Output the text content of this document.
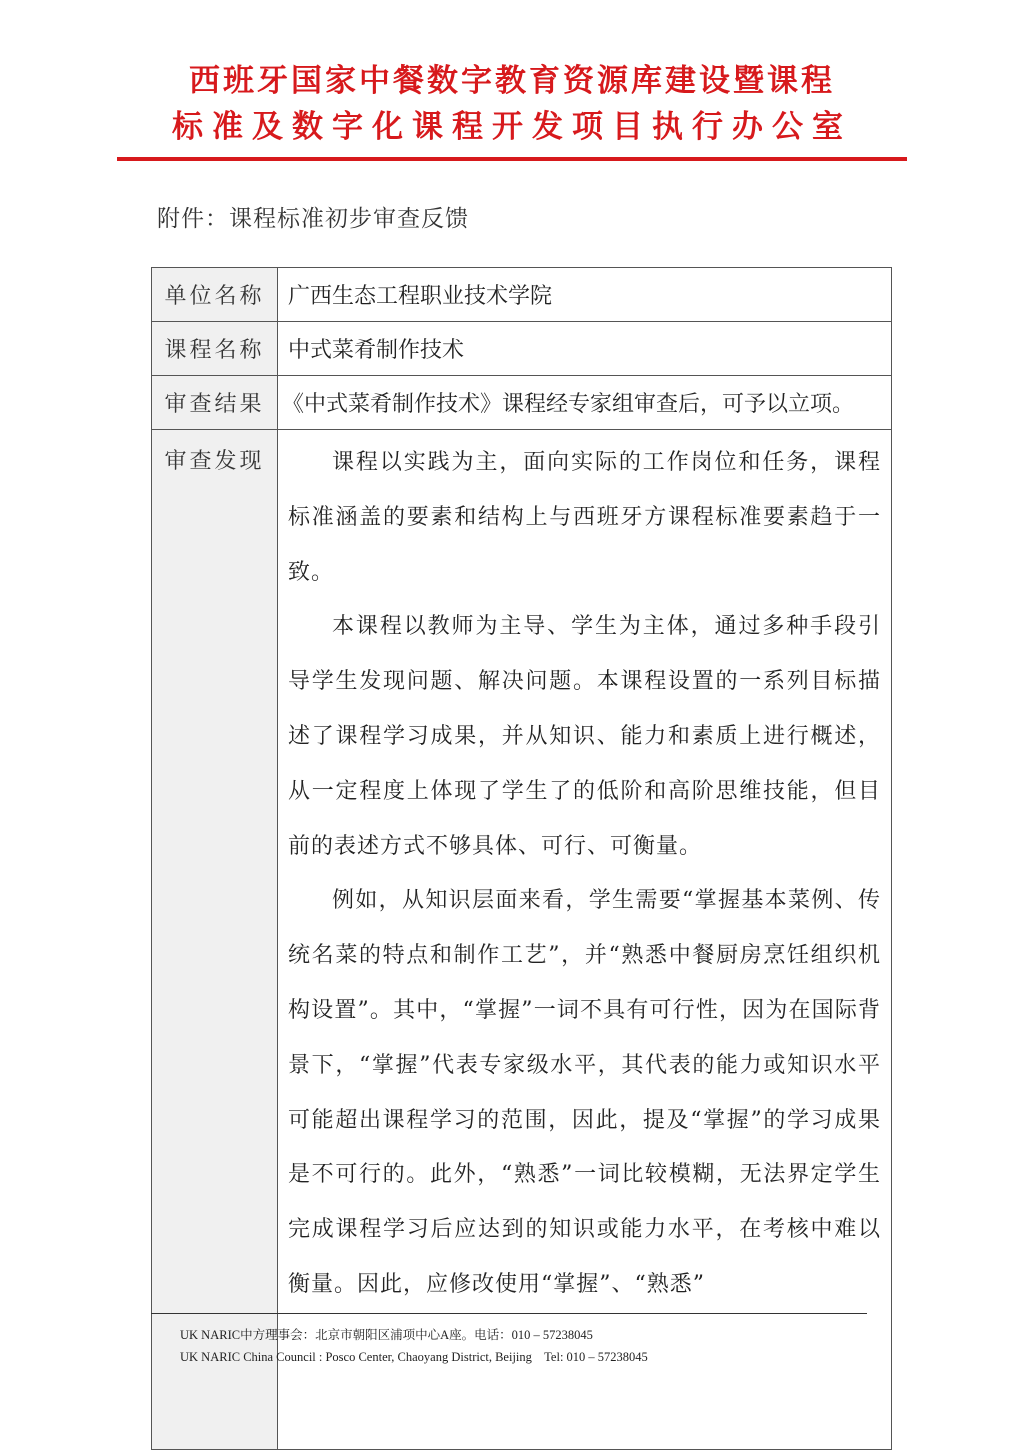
西班牙国家中餐数字教育资源库建设暨课程
标准及数字化课程开发项目执行办公室
附件：课程标准初步审查反馈
单位名称	广西生态工程职业技术学院
课程名称	中式菜肴制作技术
审查结果	《中式菜肴制作技术》课程经专家组审查后，可予以立项。
审查发现	课程以实践为主，面向实际的工作岗位和任务，课程标准涵盖的要素和结构上与西班牙方课程标准要素趋于一致。

本课程以教师为主导、学生为主体，通过多种手段引导学生发现问题、解决问题。本课程设置的一系列目标描述了课程学习成果，并从知识、能力和素质上进行概述，从一定程度上体现了学生了的低阶和高阶思维技能，但目前的表述方式不够具体、可行、可衡量。

例如，从知识层面来看，学生需要“掌握基本菜例、传统名菜的特点和制作工艺”，并“熟悉中餐厨房烹饪组织机构设置”。其中，“掌握”一词不具有可行性，因为在国际背景下，“掌握”代表专家级水平，其代表的能力或知识水平可能超出课程学习的范围，因此，提及“掌握”的学习成果是不可行的。此外，“熟悉”一词比较模糊，无法界定学生完成课程学习后应达到的知识或能力水平，在考核中难以衡量。因此，应修改使用“掌握”、“熟悉”

UK NARIC中方理事会：北京市朝阳区浦项中心A座。电话：010 – 57238045
UK NARIC China Council : Posco Center, Chaoyang District, Beijing    Tel: 010 – 57238045
